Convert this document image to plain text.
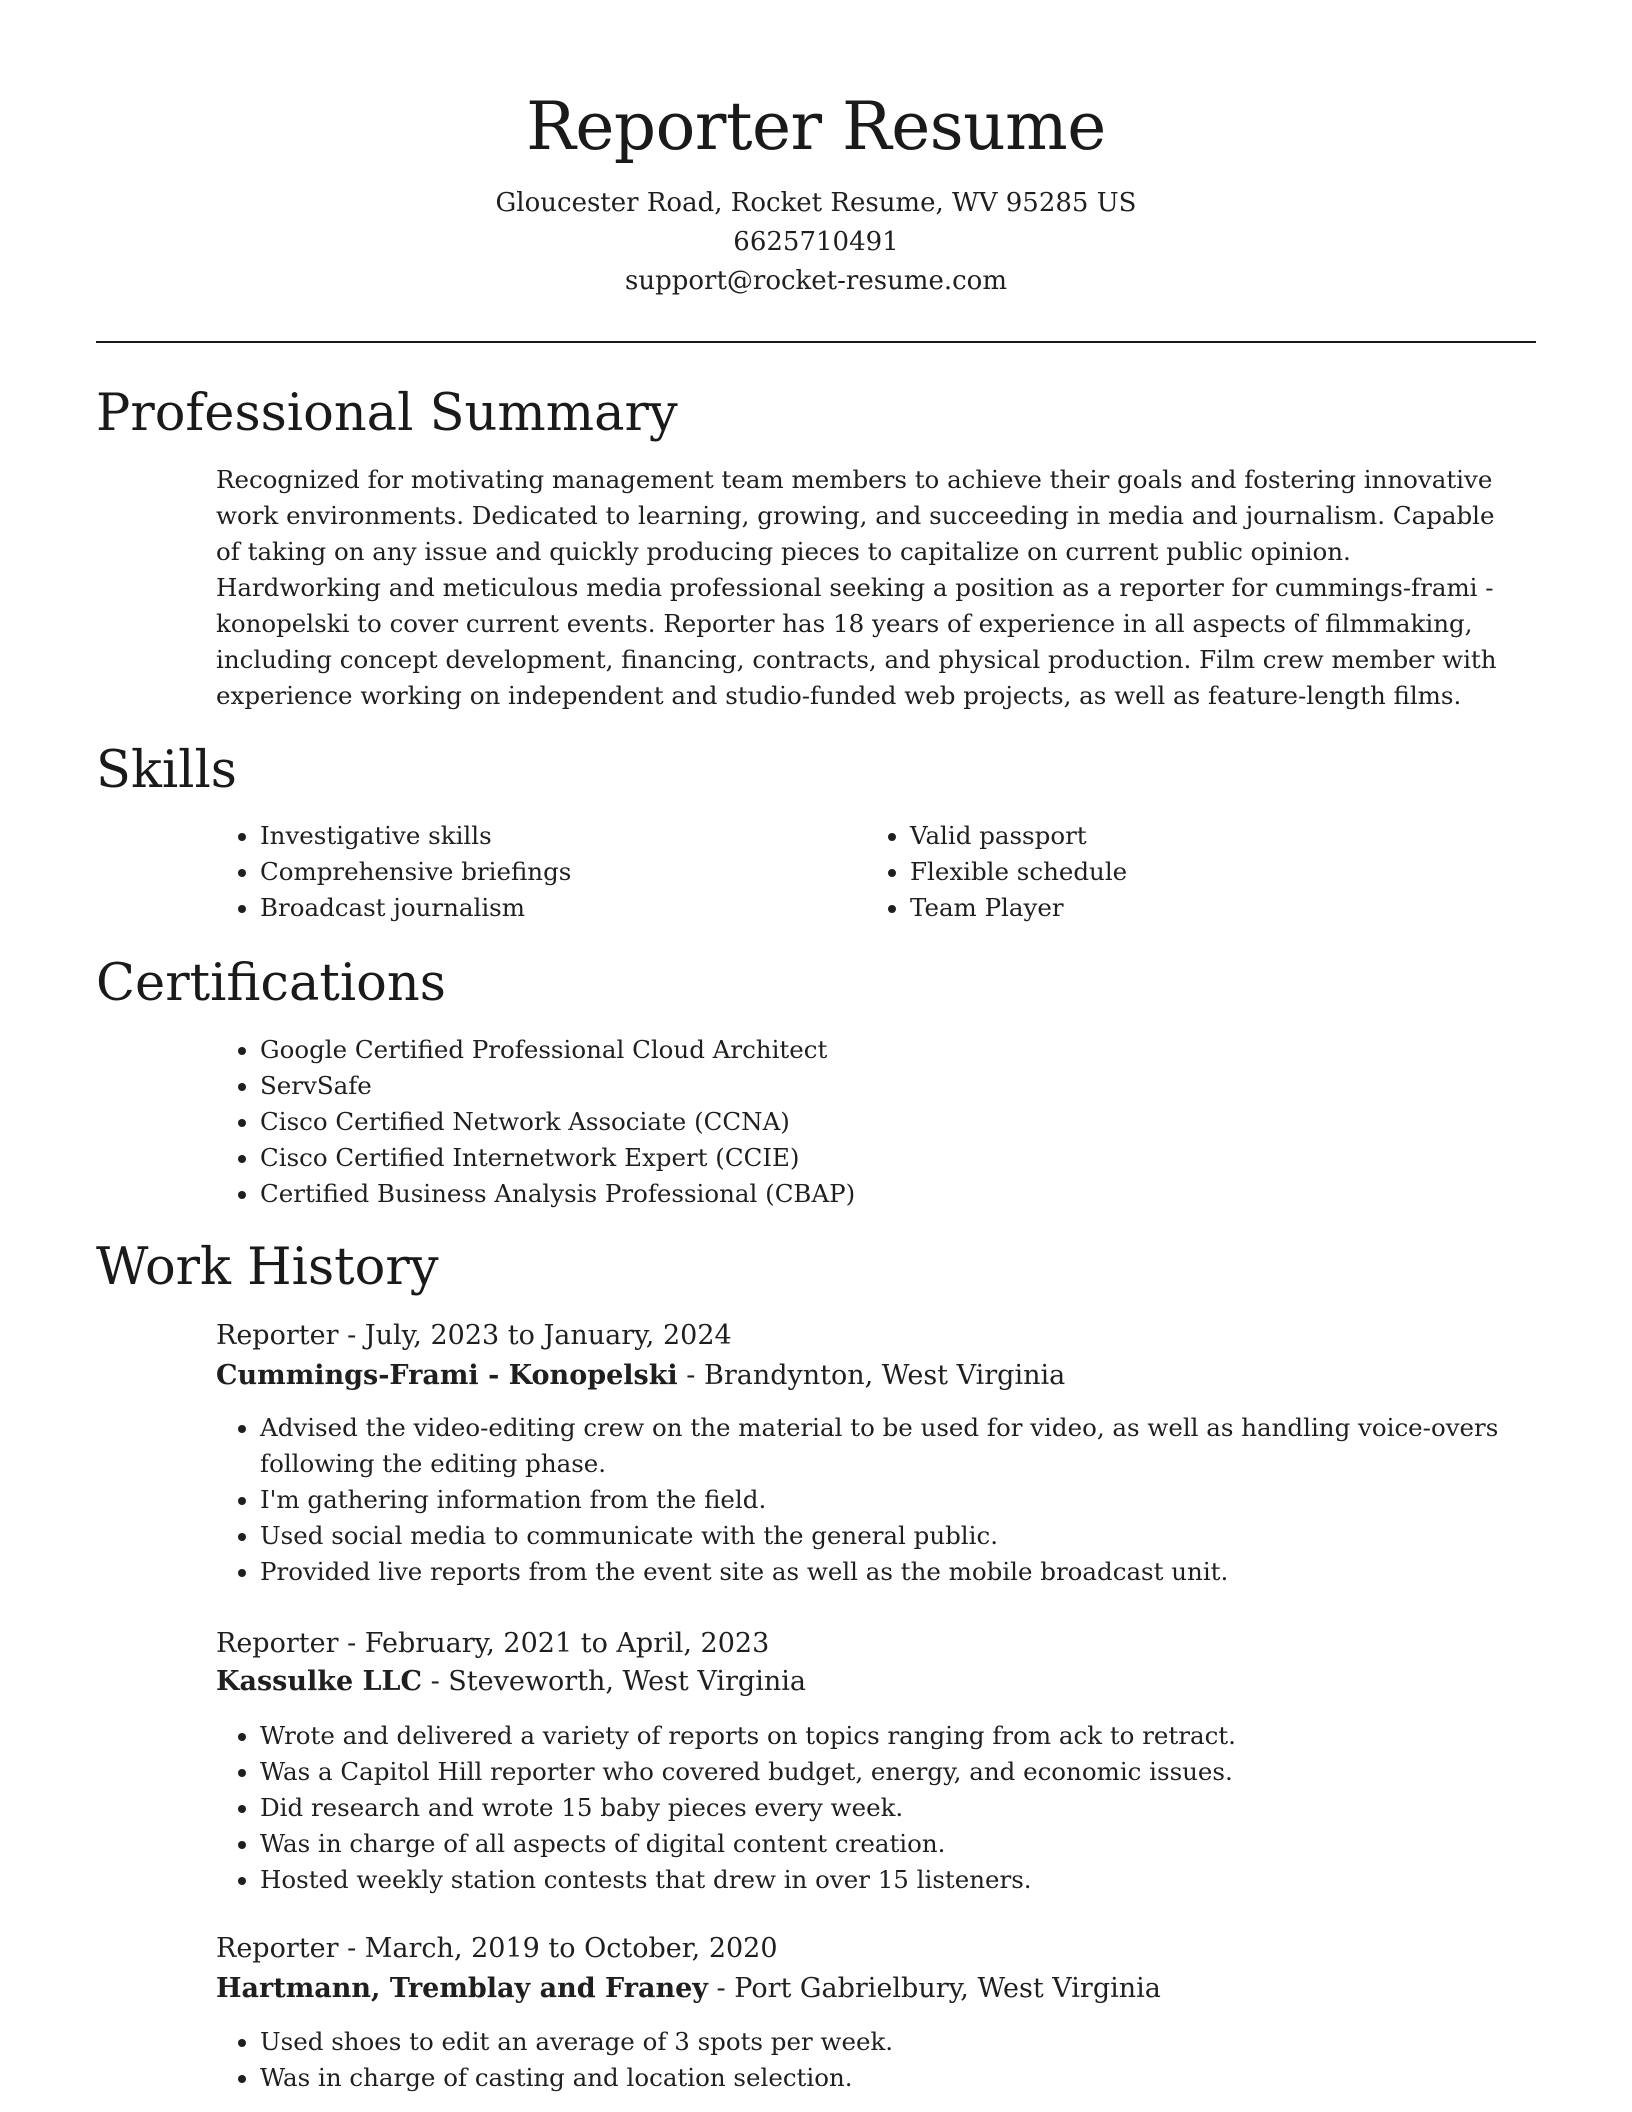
Reporter Resume
Gloucester Road, Rocket Resume, WV 95285 US
6625710491
support@rocket-resume.com
Professional Summary

Recognized for motivating management team members to achieve their goals and fostering innovative work environments. Dedicated to learning, growing, and succeeding in media and journalism. Capable of taking on any issue and quickly producing pieces to capitalize on current public opinion. Hardworking and meticulous media professional seeking a position as a reporter for cummings-frami - konopelski to cover current events. Reporter has 18 years of experience in all aspects of filmmaking, including concept development, financing, contracts, and physical production. Film crew member with experience working on independent and studio-funded web projects, as well as feature-length films.

Skills
• Investigative skills
• Comprehensive briefings
• Broadcast journalism
• Valid passport
• Flexible schedule
• Team Player
Certifications
• Google Certified Professional Cloud Architect
• ServSafe
• Cisco Certified Network Associate (CCNA)
• Cisco Certified Internetwork Expert (CCIE)
• Certified Business Analysis Professional (CBAP)
Work History
Reporter - July, 2023 to January, 2024
Cummings-Frami - Konopelski - Brandynton, West Virginia
• Advised the video-editing crew on the material to be used for video, as well as handling voice-overs following the editing phase.
• I'm gathering information from the field.
• Used social media to communicate with the general public.
• Provided live reports from the event site as well as the mobile broadcast unit.
Reporter - February, 2021 to April, 2023
Kassulke LLC - Steveworth, West Virginia
• Wrote and delivered a variety of reports on topics ranging from ack to retract.
• Was a Capitol Hill reporter who covered budget, energy, and economic issues.
• Did research and wrote 15 baby pieces every week.
• Was in charge of all aspects of digital content creation.
• Hosted weekly station contests that drew in over 15 listeners.
Reporter - March, 2019 to October, 2020
Hartmann, Tremblay and Franey - Port Gabrielbury, West Virginia
• Used shoes to edit an average of 3 spots per week.
• Was in charge of casting and location selection.
